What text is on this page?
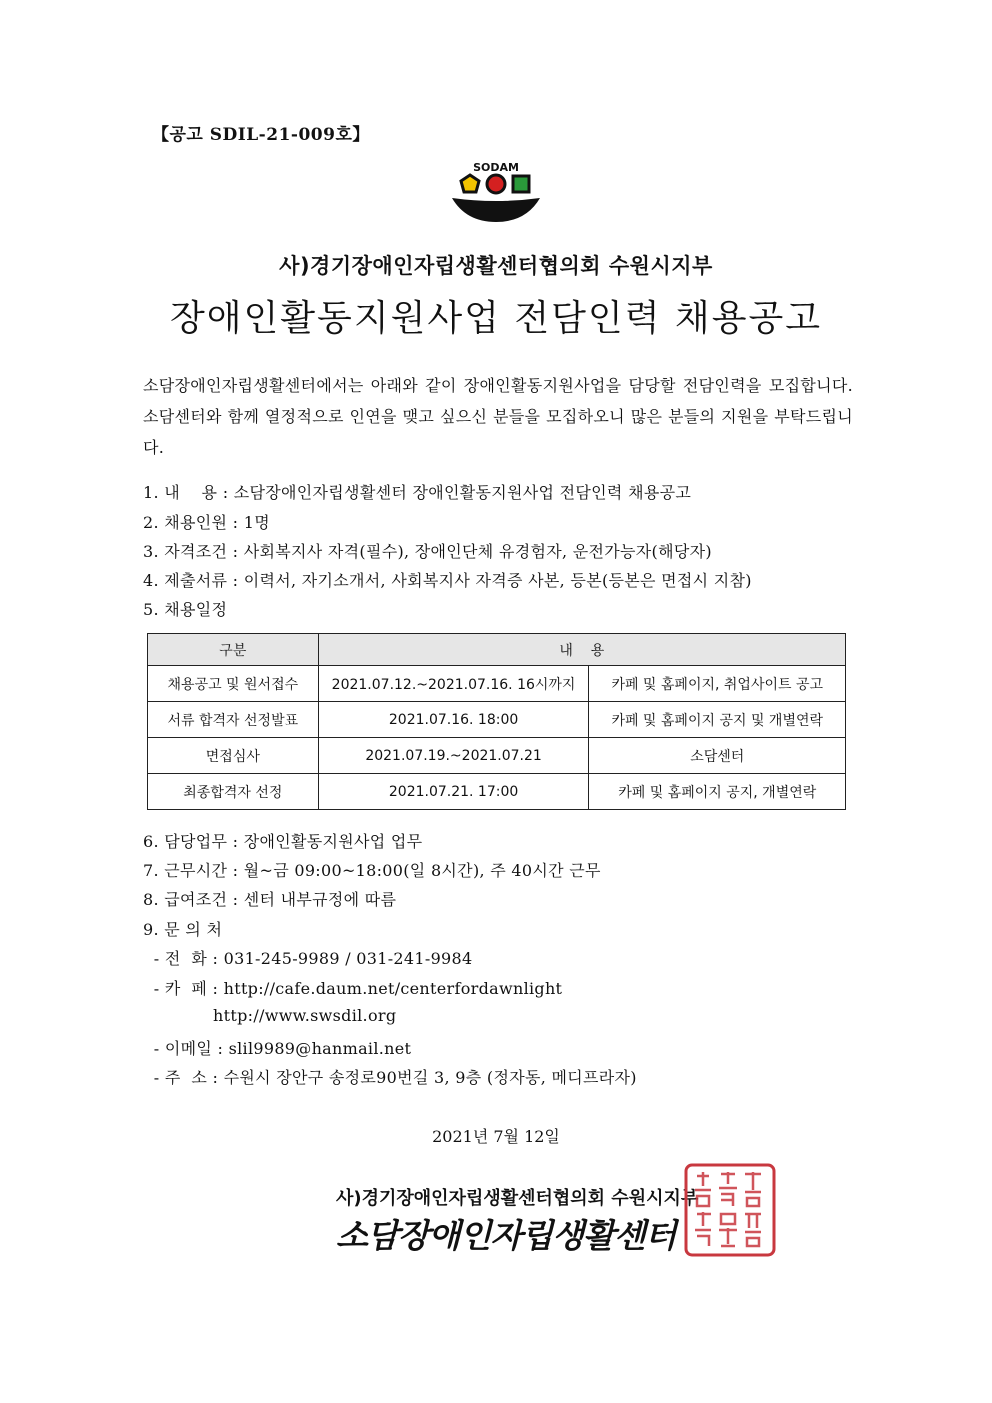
【공고 SDIL-21-009호】
SODAM
사)경기장애인자립생활센터협의회 수원시지부
장애인활동지원사업 전담인력 채용공고
소담장애인자립생활센터에서는 아래와 같이 장애인활동지원사업을 담당할 전담인력을 모집합니다. 소담센터와 함께 열정적으로 인연을 맺고 싶으신 분들을 모집하오니 많은 분들의 지원을 부탁드립니다.
1. 내    용 : 소담장애인자립생활센터 장애인활동지원사업 전담인력 채용공고
2. 채용인원 : 1명
3. 자격조건 : 사회복지사 자격(필수), 장애인단체 유경험자, 운전가능자(해당자)
4. 제출서류 : 이력서, 자기소개서, 사회복지사 자격증 사본, 등본(등본은 면접시 지참)
5. 채용일정
구분	내    용	
채용공고 및 원서접수	2021.07.12.~2021.07.16. 16시까지	카페 및 홈페이지, 취업사이트 공고
서류 합격자 선정발표	2021.07.16. 18:00	카페 및 홈페이지 공지 및 개별연락
면접심사	2021.07.19.~2021.07.21	소담센터
최종합격자 선정	2021.07.21. 17:00	카페 및 홈페이지 공지, 개별연락
6. 담당업무 : 장애인활동지원사업 업무
7. 근무시간 : 월~금 09:00~18:00(일 8시간), 주 40시간 근무
8. 급여조건 : 센터 내부규정에 따름
9. 문 의 처
- 전  화 : 031-245-9989 / 031-241-9984
- 카  페 : http://cafe.daum.net/centerfordawnlight
http://www.swsdil.org
- 이메일 : slil9989@hanmail.net
- 주  소 : 수원시 장안구 송정로90번길 3, 9층 (정자동, 메디프라자)
2021년 7월 12일
사)경기장애인자립생활센터협의회 수원시지부
소담장애인자립생활센터
